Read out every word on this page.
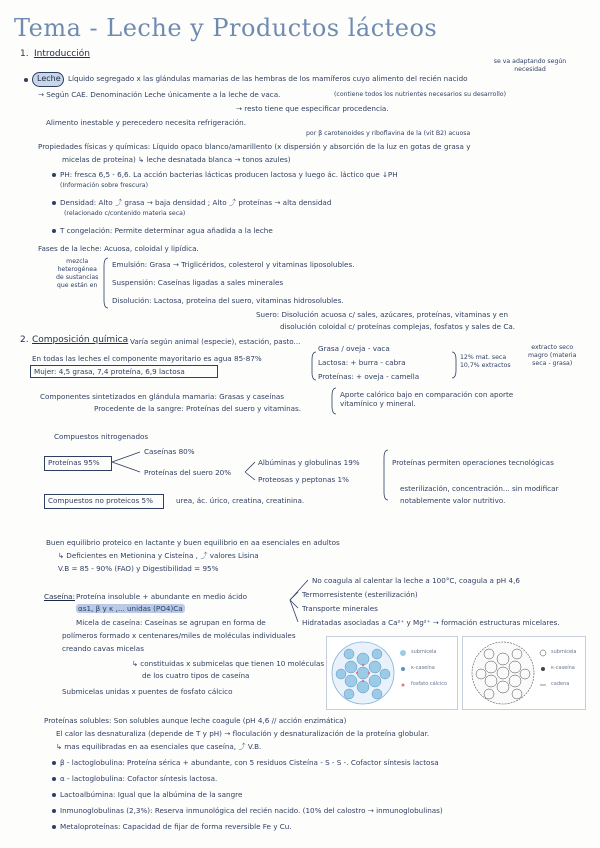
Tema - Leche y Productos lácteos
1. Introducción
se va adaptando según necesidad
Leche Líquido segregado x las glándulas mamarias de las hembras de los mamíferos cuyo alimento del recién nacido
→ Según CAE. Denominación Leche únicamente a la leche de vaca.	(contiene todos los nutrientes necesarios su desarrollo)
→ resto tiene que especificar procedencia.
Alimento inestable y perecedero necesita refrigeración.
por β carotenoides y riboflavina de la (vit B2) acuosa
Propiedades físicas y químicas: Líquido opaco blanco/amarillento (x dispersión y absorción de la luz en gotas de grasa y
micelas de proteína) ↳ leche desnatada blanca → tonos azules)
PH: fresca 6,5 - 6,6. La acción bacterias lácticas producen lactosa y luego ác. láctico que ↓PH
(Información sobre frescura)
Densidad: Alto ⤴ grasa → baja densidad ; Alto ⤴ proteínas → alta densidad
(relacionado c/contenido materia seca)
T congelación: Permite determinar agua añadida a la leche
Fases de la leche: Acuosa, coloidal y lipídica.
mezcla
heterogénea
de sustancias
que están en
Emulsión: Grasa → Triglicéridos, colesterol y vitaminas liposolubles.
Suspensión: Caseínas ligadas a sales minerales
Disolución: Lactosa, proteína del suero, vitaminas hidrosolubles.
Suero: Disolución acuosa c/ sales, azúcares, proteínas, vitaminas y en
disolución coloidal c/ proteínas complejas, fosfatos y sales de Ca.
2. Composición química Varía según animal (especie), estación, pasto...
En todas las leches el componente mayoritario es agua 85-87%
Mujer: 4,5 grasa, 7,4 proteína, 6,9 lactosa
Grasa / oveja - vaca
Lactosa: + burra - cabra
Proteínas: + oveja - camella
12% mat. seca
10,7% extractos
extracto seco
magro (materia
seca - grasa)
Componentes sintetizados en glándula mamaria: Grasas y caseínas
Procedente de la sangre: Proteínas del suero y vitaminas.
Aporte calórico bajo en comparación con aporte
vitamínico y mineral.
Compuestos nitrogenados
Proteínas 95%
Caseínas 80%
Proteínas del suero 20%
Albúminas y globulinas 19%
Proteosas y peptonas 1%
Proteínas permiten operaciones tecnológicas
esterilización, concentración... sin modificar
notablemente valor nutritivo.
Compuestos no proteicos 5%	urea, ác. úrico, creatina, creatinina.
Buen equilibrio proteico en lactante y buen equilibrio en aa esenciales en adultos
↳ Deficientes en Metionina y Cisteína , ⤴ valores Lisina
V.B = 85 - 90% (FAO) y Digestibilidad = 95%
Caseína: Proteína insoluble + abundante en medio ácido
αs1, β y κ ,... unidas (PO4)Ca
Micela de caseína: Caseínas se agrupan en forma de
polímeros formado x centenares/miles de moléculas individuales
creando cavas micelas
↳ constituidas x submicelas que tienen 10 moléculas
de los cuatro tipos de caseína
Submicelas unidas x puentes de fosfato cálcico
No coagula al calentar la leche a 100°C, coagula a pH 4,6
Termorresistente (esterilización)
Transporte minerales
Hidratadas asociadas a Ca²⁺ y Mg²⁺ → formación estructuras micelares.
submicela
κ-caseína
fosfato cálcico
submicela
κ-caseína
cadena
Proteínas solubles: Son solubles aunque leche coagule (pH 4,6 // acción enzimática)
El calor las desnaturaliza (depende de T y pH) → floculación y desnaturalización de la proteína globular.
↳ mas equilibradas en aa esenciales que caseína, ⤴ V.B.
β - lactoglobulina: Proteína sérica + abundante, con 5 residuos Cisteína - S - S -. Cofactor síntesis lactosa
α - lactoglobulina: Cofactor síntesis lactosa.
Lactoalbúmina: Igual que la albúmina de la sangre
Inmunoglobulinas (2,3%): Reserva inmunológica del recién nacido. (10% del calostro → inmunoglobulinas)
Metaloproteínas: Capacidad de fijar de forma reversible Fe y Cu.
